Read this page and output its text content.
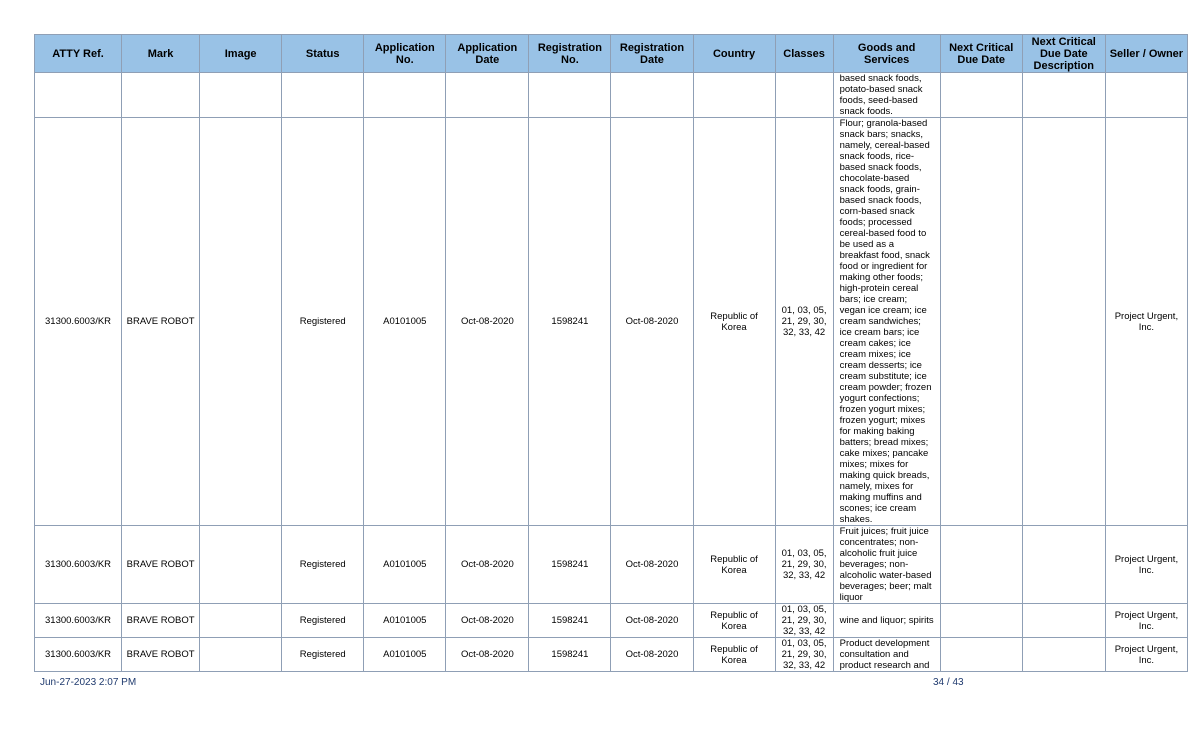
ATTY Ref.	Mark	Image	Status	Application No.	Application Date	Registration No.	Registration Date	Country	Classes	Goods and Services	Next Critical Due Date	Next Critical Due Date Description	Seller / Owner
										based snack foods, potato-based snack foods, seed-based snack foods.			
31300.6003/KR	BRAVE ROBOT		Registered	A0101005	Oct-08-2020	1598241	Oct-08-2020	Republic of Korea	01, 03, 05, 21, 29, 30, 32, 33, 42	Flour; granola-based snack bars; snacks, namely, cereal-based snack foods, rice-based snack foods, chocolate-based snack foods, grain-based snack foods, corn-based snack foods; processed cereal-based food to be used as a breakfast food, snack food or ingredient for making other foods; high-protein cereal bars; ice cream; vegan ice cream; ice cream sandwiches; ice cream bars; ice cream cakes; ice cream mixes; ice cream desserts; ice cream substitute; ice cream powder; frozen yogurt confections; frozen yogurt mixes; frozen yogurt; mixes for making baking batters; bread mixes; cake mixes; pancake mixes; mixes for making quick breads, namely, mixes for making muffins and scones; ice cream shakes.			Project Urgent, Inc.
31300.6003/KR	BRAVE ROBOT		Registered	A0101005	Oct-08-2020	1598241	Oct-08-2020	Republic of Korea	01, 03, 05, 21, 29, 30, 32, 33, 42	Fruit juices; fruit juice concentrates; non-alcoholic fruit juice beverages; non-alcoholic water-based beverages; beer; malt liquor			Project Urgent, Inc.
31300.6003/KR	BRAVE ROBOT		Registered	A0101005	Oct-08-2020	1598241	Oct-08-2020	Republic of Korea	01, 03, 05, 21, 29, 30, 32, 33, 42	wine and liquor; spirits			Project Urgent, Inc.
31300.6003/KR	BRAVE ROBOT		Registered	A0101005	Oct-08-2020	1598241	Oct-08-2020	Republic of Korea	01, 03, 05, 21, 29, 30, 32, 33, 42	Product development consultation and product research and			Project Urgent, Inc.
Jun-27-2023 2:07 PM	34 / 43
